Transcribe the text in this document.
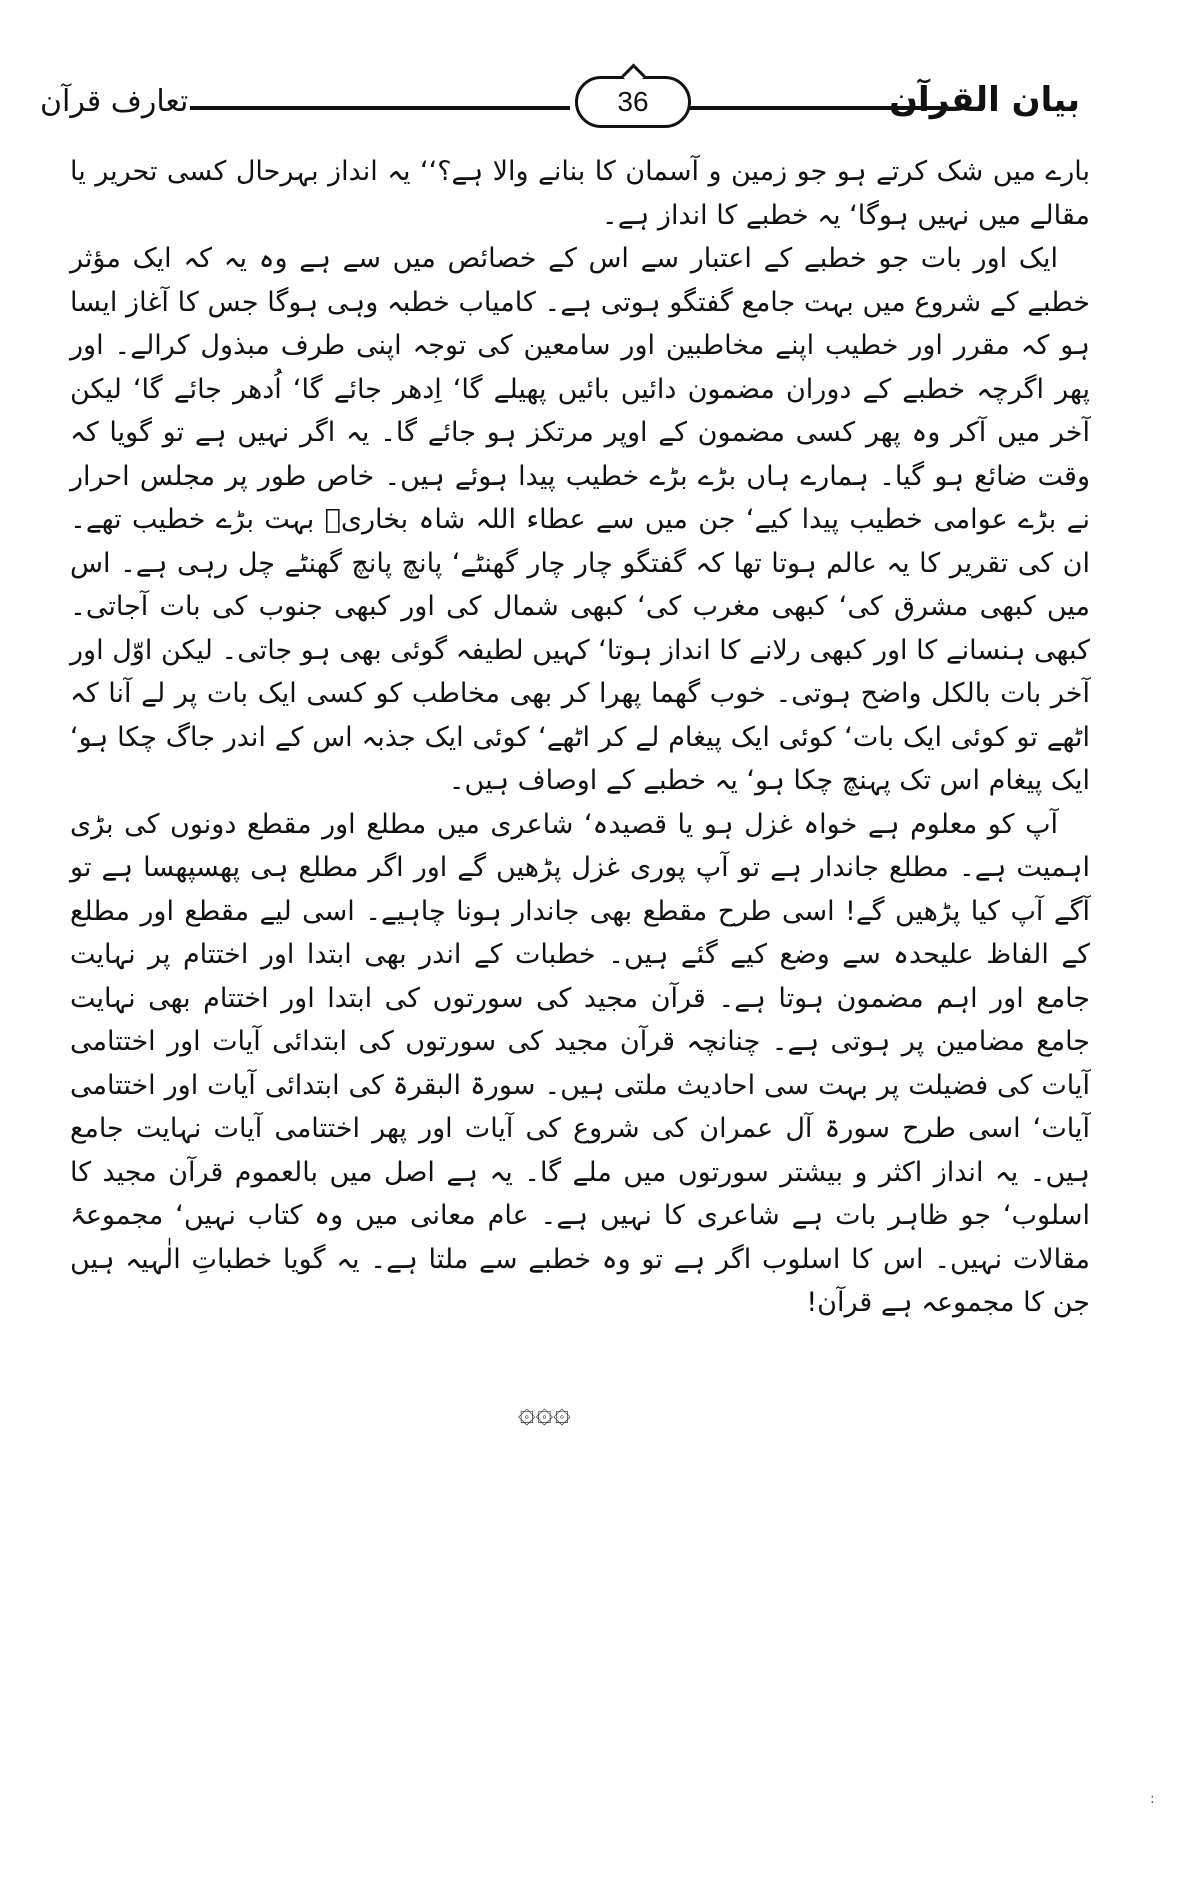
تعارف قرآن	36	بیان القرآن

بارے میں شک کرتے ہو جو زمین و آسمان کا بنانے والا ہے؟‘‘ یہ انداز بہرحال کسی تحریر یا مقالے میں نہیں ہوگا‘ یہ خطبے کا انداز ہے۔

ایک اور بات جو خطبے کے اعتبار سے اس کے خصائص میں سے ہے وہ یہ کہ ایک مؤثر خطبے کے شروع میں بہت جامع گفتگو ہوتی ہے۔ کامیاب خطبہ وہی ہوگا جس کا آغاز ایسا ہو کہ مقرر اور خطیب اپنے مخاطبین اور سامعین کی توجہ اپنی طرف مبذول کرالے۔ اور پھر اگرچہ خطبے کے دوران مضمون دائیں بائیں پھیلے گا‘ اِدھر جائے گا‘ اُدھر جائے گا‘ لیکن آخر میں آکر وہ پھر کسی مضمون کے اوپر مرتکز ہو جائے گا۔ یہ اگر نہیں ہے تو گویا کہ وقت ضائع ہو گیا۔ ہمارے ہاں بڑے بڑے خطیب پیدا ہوئے ہیں۔ خاص طور پر مجلس احرار نے بڑے عوامی خطیب پیدا کیے‘ جن میں سے عطاء اللہ شاہ بخاریؒ بہت بڑے خطیب تھے۔ ان کی تقریر کا یہ عالم ہوتا تھا کہ گفتگو چار چار گھنٹے‘ پانچ پانچ گھنٹے چل رہی ہے۔ اس میں کبھی مشرق کی‘ کبھی مغرب کی‘ کبھی شمال کی اور کبھی جنوب کی بات آجاتی۔ کبھی ہنسانے کا اور کبھی رلانے کا انداز ہوتا‘ کہیں لطیفہ گوئی بھی ہو جاتی۔ لیکن اوّل اور آخر بات بالکل واضح ہوتی۔ خوب گھما پھرا کر بھی مخاطب کو کسی ایک بات پر لے آنا کہ اٹھے تو کوئی ایک بات‘ کوئی ایک پیغام لے کر اٹھے‘ کوئی ایک جذبہ اس کے اندر جاگ چکا ہو‘ ایک پیغام اس تک پہنچ چکا ہو‘ یہ خطبے کے اوصاف ہیں۔

آپ کو معلوم ہے خواہ غزل ہو یا قصیدہ‘ شاعری میں مطلع اور مقطع دونوں کی بڑی اہمیت ہے۔ مطلع جاندار ہے تو آپ پوری غزل پڑھیں گے اور اگر مطلع ہی پھسپھسا ہے تو آگے آپ کیا پڑھیں گے! اسی طرح مقطع بھی جاندار ہونا چاہیے۔ اسی لیے مقطع اور مطلع کے الفاظ علیحدہ سے وضع کیے گئے ہیں۔ خطبات کے اندر بھی ابتدا اور اختتام پر نہایت جامع اور اہم مضمون ہوتا ہے۔ قرآن مجید کی سورتوں کی ابتدا اور اختتام بھی نہایت جامع مضامین پر ہوتی ہے۔ چنانچہ قرآن مجید کی سورتوں کی ابتدائی آیات اور اختتامی آیات کی فضیلت پر بہت سی احادیث ملتی ہیں۔ سورۃ البقرۃ کی ابتدائی آیات اور اختتامی آیات‘ اسی طرح سورۃ آل عمران کی شروع کی آیات اور پھر اختتامی آیات نہایت جامع ہیں۔ یہ انداز اکثر و بیشتر سورتوں میں ملے گا۔ یہ ہے اصل میں بالعموم قرآن مجید کا اسلوب‘ جو ظاہر بات ہے شاعری کا نہیں ہے۔ عام معانی میں وہ کتاب نہیں‘ مجموعۂ مقالات نہیں۔ اس کا اسلوب اگر ہے تو وہ خطبے سے ملتا ہے۔ یہ گویا خطباتِ الٰہیہ ہیں جن کا مجموعہ ہے قرآن!

۞۞۞
:
